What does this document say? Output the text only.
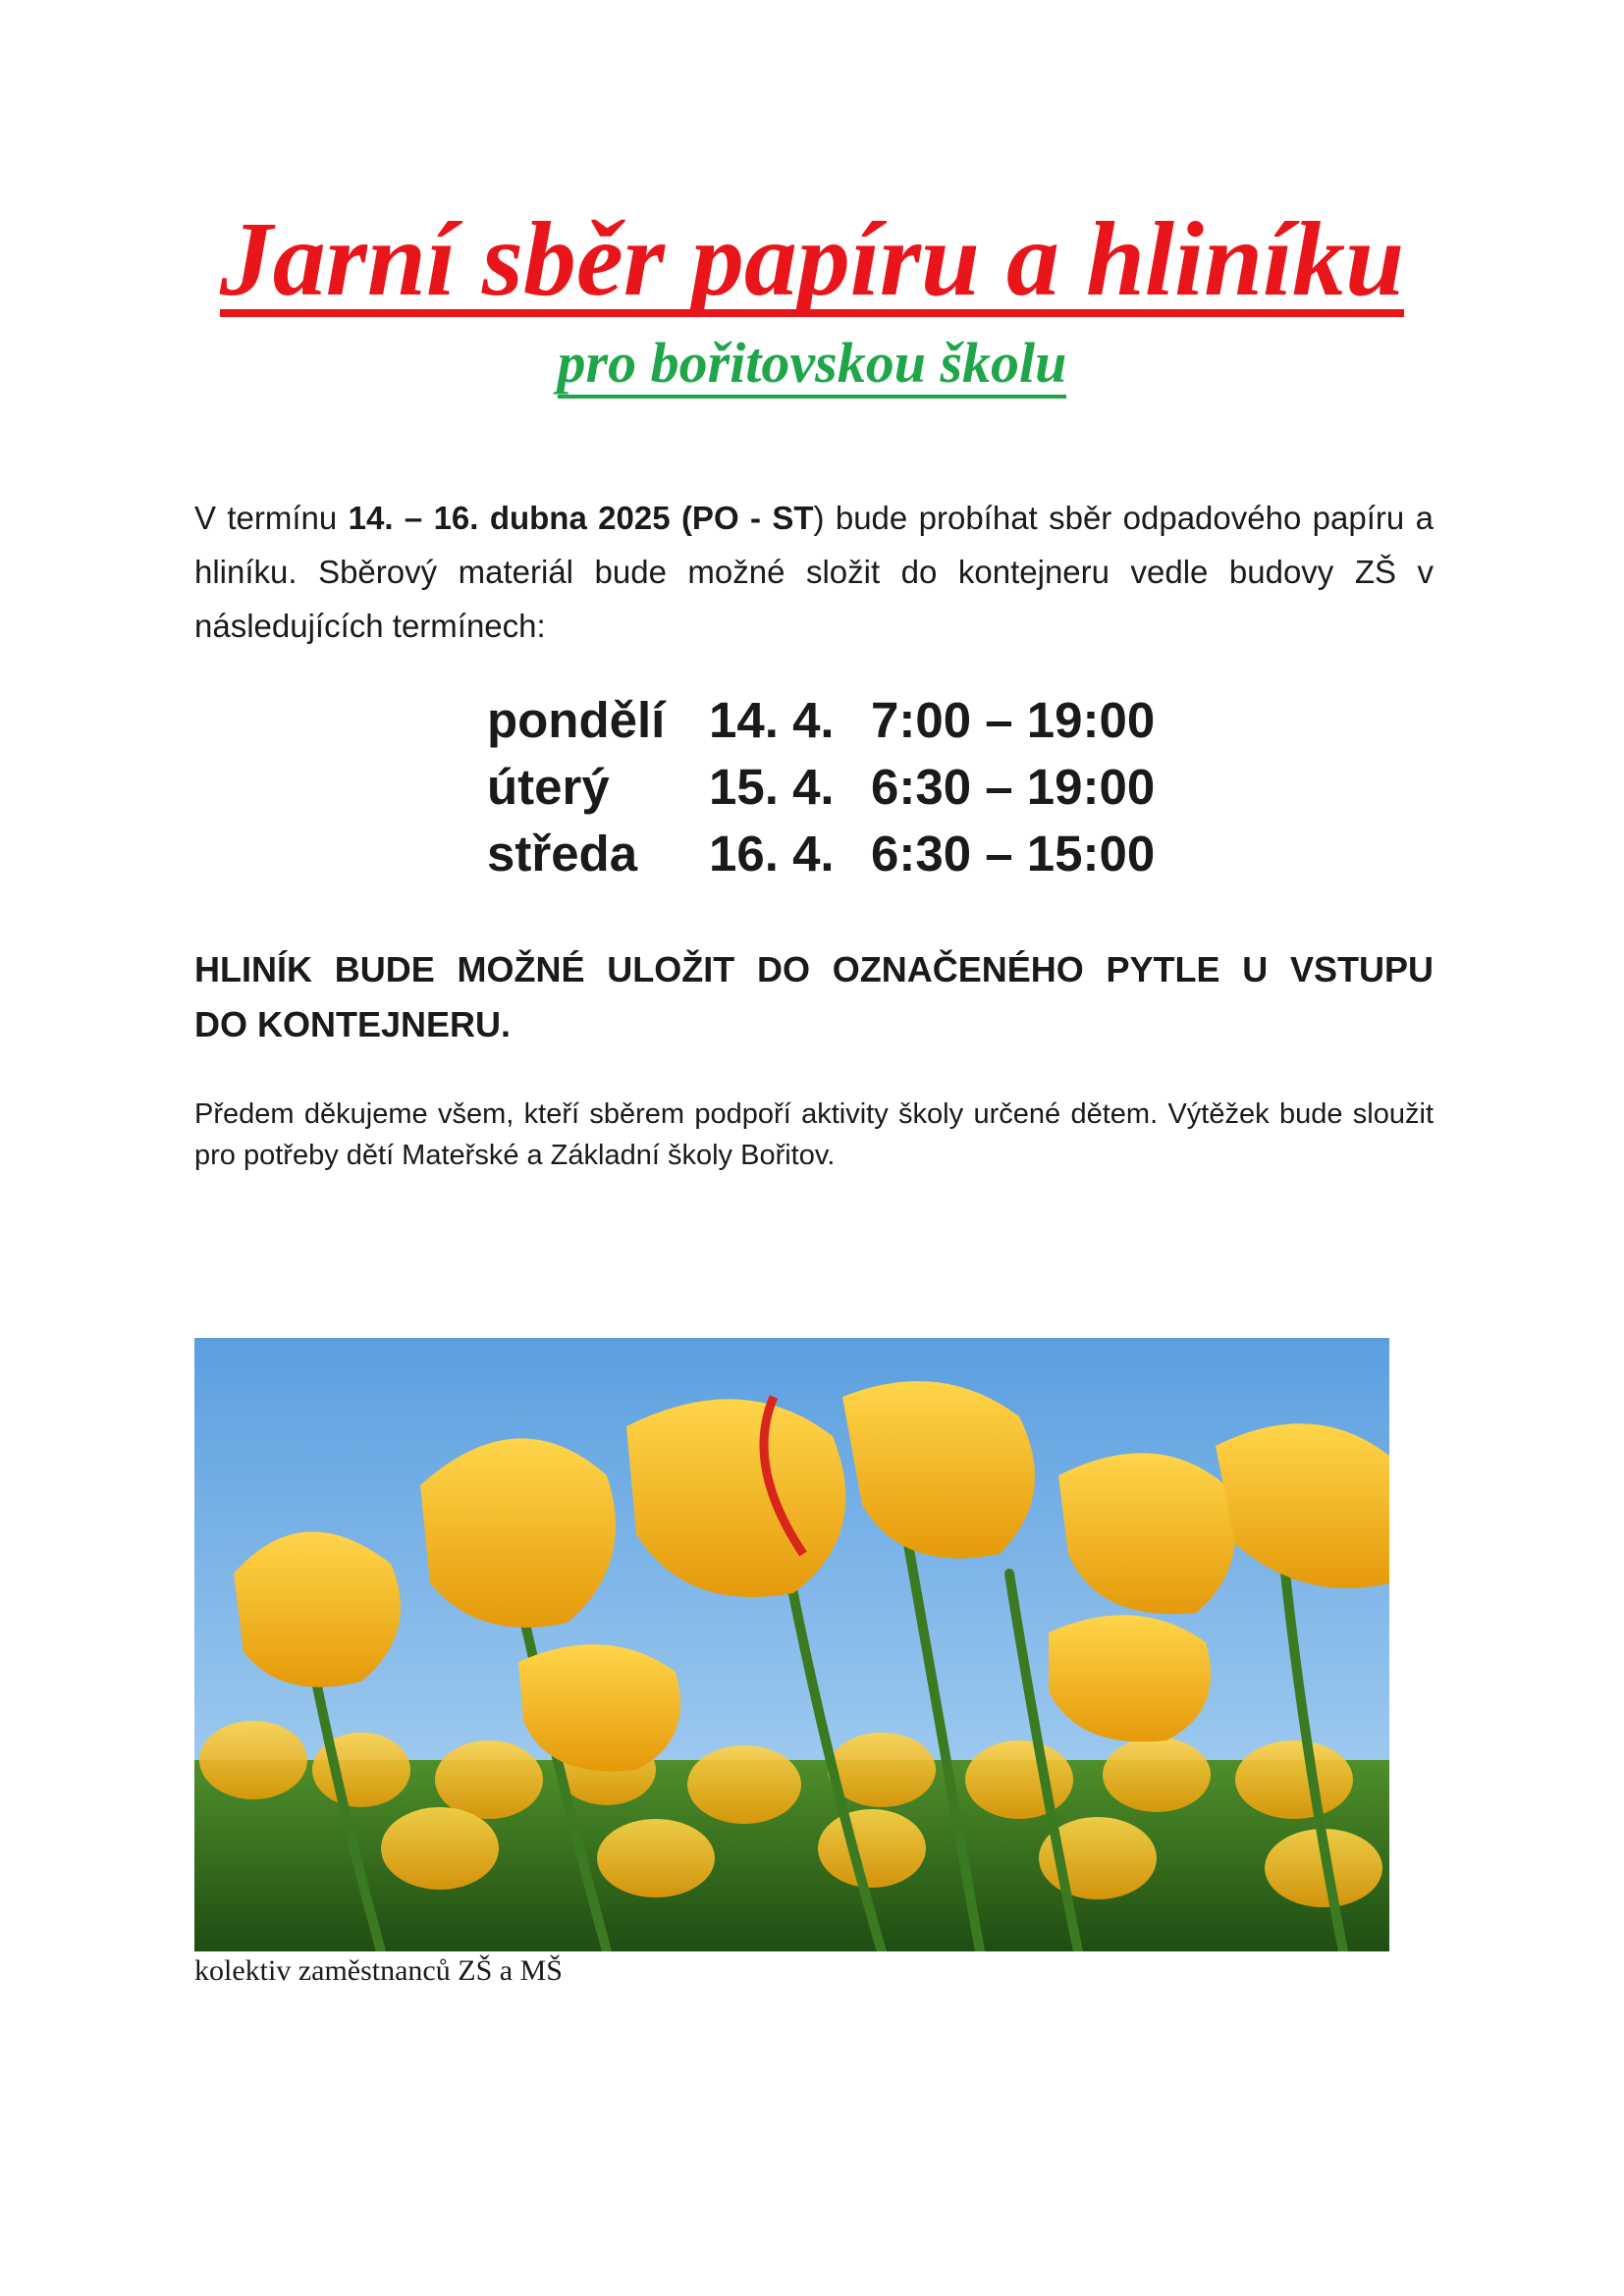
Jarní sběr papíru a hliníku
pro bořitovskou školu
V termínu 14. – 16. dubna 2025 (PO - ST) bude probíhat sběr odpadového papíru a hliníku. Sběrový materiál bude možné složit do kontejneru vedle budovy ZŠ v následujících termínech:
pondělí 14. 4. 7:00 – 19:00
úterý	15. 4. 6:30 – 19:00
středa	16. 4. 6:30 – 15:00
HLINÍK BUDE MOŽNÉ ULOŽIT DO OZNAČENÉHO PYTLE U VSTUPU
DO KONTEJNERU.
Předem děkujeme všem, kteří sběrem podpoří aktivity školy určené dětem. Výtěžek bude sloužit pro potřeby dětí Mateřské a Základní školy Bořitov.
kolektiv zaměstnanců ZŠ a MŠ
